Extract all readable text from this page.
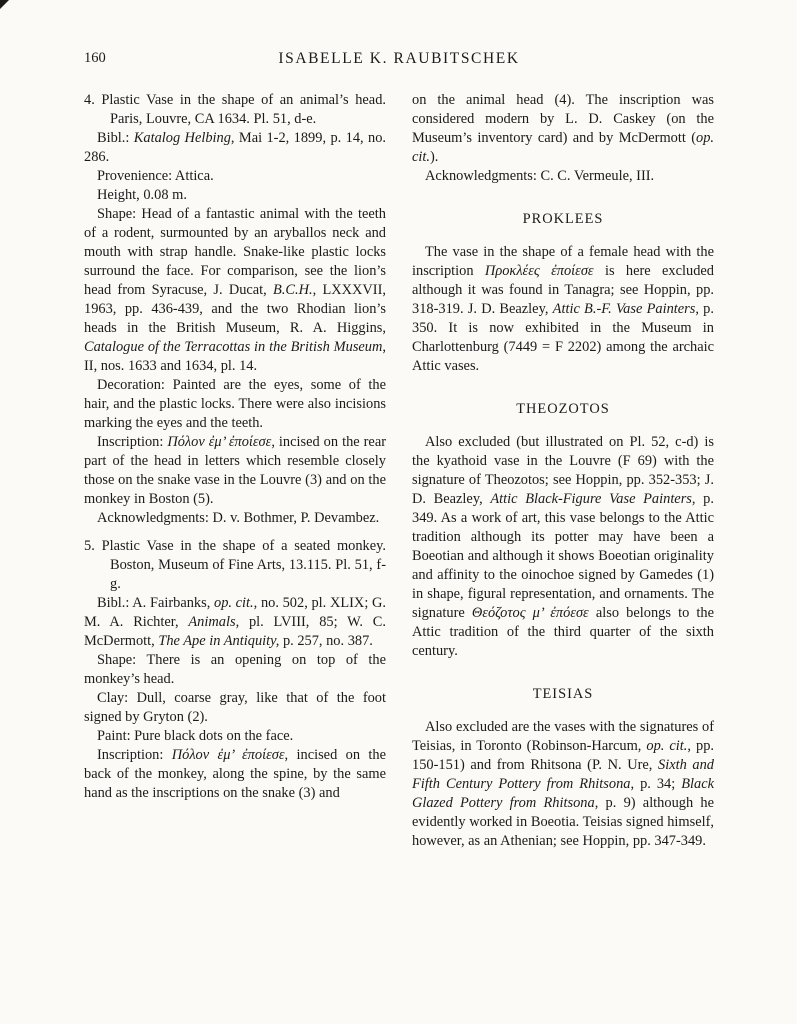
ISABELLE K. RAUBITSCHEK
160

4. Plastic Vase in the shape of an animal’s head. Paris, Louvre, CA 1634. Pl. 51, d-e.

Bibl.: Katalog Helbing, Mai 1-2, 1899, p. 14, no. 286.

Provenience: Attica.

Height, 0.08 m.

Shape: Head of a fantastic animal with the teeth of a rodent, surmounted by an aryballos neck and mouth with strap handle. Snake-like plastic locks surround the face. For comparison, see the lion’s head from Syracuse, J. Ducat, B.C.H., LXXXVII, 1963, pp. 436-439, and the two Rhodian lion’s heads in the British Museum, R. A. Higgins, Catalogue of the Terracottas in the British Museum, II, nos. 1633 and 1634, pl. 14.

Decoration: Painted are the eyes, some of the hair, and the plastic locks. There were also incisions marking the eyes and the teeth.

Inscription: Πόλον ἐμ’ ἐποίεσε, incised on the rear part of the head in letters which resemble closely those on the snake vase in the Louvre (3) and on the monkey in Boston (5).

Acknowledgments: D. v. Bothmer, P. Devambez.

5. Plastic Vase in the shape of a seated monkey. Boston, Museum of Fine Arts, 13.115. Pl. 51, f-g.

Bibl.: A. Fairbanks, op. cit., no. 502, pl. XLIX; G. M. A. Richter, Animals, pl. LVIII, 85; W. C. McDermott, The Ape in Antiquity, p. 257, no. 387.

Shape: There is an opening on top of the monkey’s head.

Clay: Dull, coarse gray, like that of the foot signed by Gryton (2).

Paint: Pure black dots on the face.

Inscription: Πόλον ἐμ’ ἐποίεσε, incised on the back of the monkey, along the spine, by the same hand as the inscriptions on the snake (3) and

on the animal head (4). The inscription was considered modern by L. D. Caskey (on the Museum’s inventory card) and by McDermott (op. cit.).

Acknowledgments: C. C. Vermeule, III.

PROKLEES

The vase in the shape of a female head with the inscription Προκλέες ἐποίεσε is here excluded although it was found in Tanagra; see Hoppin, pp. 318-319. J. D. Beazley, Attic B.-F. Vase Painters, p. 350. It is now exhibited in the Museum in Charlottenburg (7449 = F 2202) among the archaic Attic vases.

THEOZOTOS

Also excluded (but illustrated on Pl. 52, c-d) is the kyathoid vase in the Louvre (F 69) with the signature of Theozotos; see Hoppin, pp. 352-353; J. D. Beazley, Attic Black-Figure Vase Painters, p. 349. As a work of art, this vase belongs to the Attic tradition although its potter may have been a Boeotian and although it shows Boeotian originality and affinity to the oinochoe signed by Gamedes (1) in shape, figural representation, and ornaments. The signature Θεόζοτος μ’ ἐπόεσε also belongs to the Attic tradition of the third quarter of the sixth century.

TEISIAS

Also excluded are the vases with the signatures of Teisias, in Toronto (Robinson-Harcum, op. cit., pp. 150-151) and from Rhitsona (P. N. Ure, Sixth and Fifth Century Pottery from Rhitsona, p. 34; Black Glazed Pottery from Rhitsona, p. 9) although he evidently worked in Boeotia. Teisias signed himself, however, as an Athenian; see Hoppin, pp. 347-349.
